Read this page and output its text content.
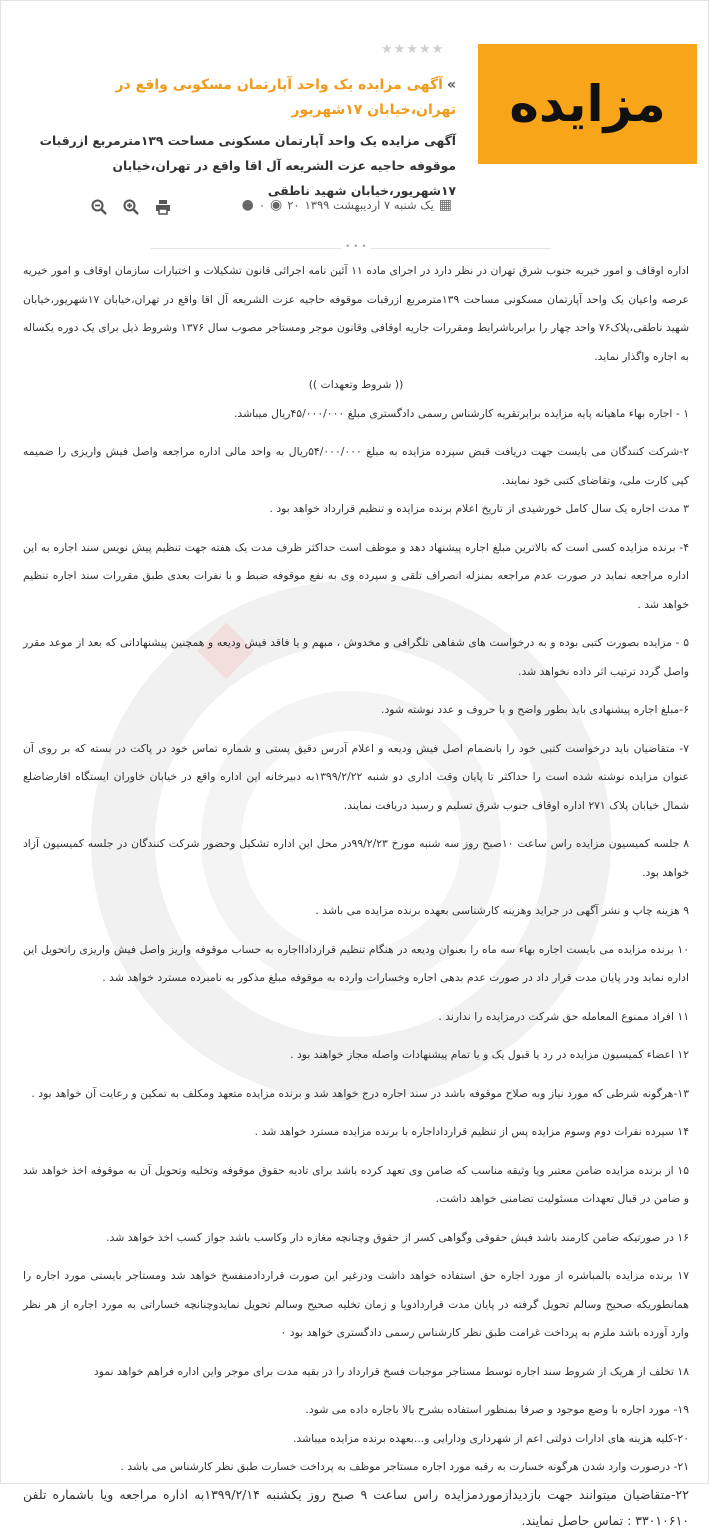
مزایده
★★★★★
»آگهی مزایده یک واحد آپارتمان مسکونی واقع در تهران،خیابان ۱۷شهریور
آگهی مزایده یک واحد آپارتمان مسکونی مساحت ۱۳۹مترمربع ازرقبات موقوفه حاجیه عزت الشریعه آل اقا واقع در تهران،خیابان ۱۷شهریور،خیابان شهید ناطقی
▦
یک شنبه ۷ اردیبهشت ۱۳۹۹
۲۰
◉
۰
●
• • •

اداره اوقاف و امور خیریه جنوب شرق تهران در نظر دارد در اجرای ماده ۱۱ آئین نامه اجرائی قانون تشکیلات و اختیارات سازمان اوقاف و امور خیریه عرصه واعیان یک واحد آپارتمان مسکونی مساحت ۱۳۹مترمربع ازرقبات موقوفه حاجیه عزت الشریعه آل اقا واقع در تهران،خیابان ۱۷شهریور،خیابان شهید ناطقی،پلاک۷۶ واحد چهار را برابرباشرایط ومقررات جاریه اوقافی وقانون موجر ومستاجر مصوب سال ۱۳۷۶ وشروط ذیل برای یک دوره یکساله به اجاره واگذار نماید.

(( شروط وتعهدات ))

۱ - اجاره بهاء ماهیانه پایه مزایده برابرتقریه کارشناس رسمی دادگستری مبلغ ۴۵/۰۰۰/۰۰۰ریال میباشد.

۲-شرکت کنندگان می بایست جهت دریافت قبض سپرده مزایده به مبلغ ۵۴/۰۰۰/۰۰۰ریال به واحد مالی اداره مراجعه واصل فیش واریزی را ضمیمه کپی کارت ملی، وتقاضای کتبی خود نمایند.

۳ مدت اجاره یک سال کامل خورشیدی از تاریخ اعلام برنده مزایده و تنظیم قرارداد خواهد بود .

۴- برنده مزایده کسی است که بالاترین مبلغ اجاره پیشنهاد دهد و موظف است حداکثر ظرف مدت یک هفته جهت تنظیم پیش نویس سند اجاره به این اداره مراجعه نماید در صورت عدم مراجعه بمنزله انصراف تلقی و سپرده وی به نفع موقوفه ضبط و با نفرات بعدی طبق مقررات سند اجاره تنظیم خواهد شد .

۵ - مزایده بصورت کتبی بوده و به درخواست های شفاهی تلگرافی و مخدوش ، مبهم و یا فاقد فیش ودیعه و همچنین پیشنهاداتی که بعد از موعد مقرر واصل گردد ترتیب اثر داده نخواهد شد.

۶-مبلغ اجاره پیشنهادی باید بطور واضح و با حروف و عدد نوشته شود.

۷- متقاضیان باید درخواست کتبی خود را بانضمام اصل فیش ودیعه و اعلام آدرس دقیق پستی و شماره تماس خود در پاکت در بسته که بر روی آن عنوان مزایده نوشته شده است را حداکثر تا پایان وقت اداری دو شنبه ۱۳۹۹/۲/۲۲به دبیرخانه این اداره واقع در خیابان خاوران ایستگاه اقارضاضلع شمال خیابان پلاک ۲۷۱ اداره اوقاف جنوب شرق تسلیم و رسید دریافت نمایند.

۸ جلسه کمیسیون مزایده راس ساعت ۱۰صبح روز سه شنبه مورخ ۹۹/۲/۲۳در محل این اداره تشکیل وحضور شرکت کنندگان در جلسه کمیسیون آزاد خواهد بود.

۹ هزینه چاپ و نشر آگهی در جراید وهزینه کارشناسی بعهده برنده مزایده می باشد .

۱۰ برنده مزایده می بایست اجاره بهاء سه ماه را بعنوان ودیعه در هنگام تنظیم قراردادااجاره به حساب موقوفه واریز واصل فیش واریزی راتحویل این اداره نماید ودر پایان مدت قرار داد در صورت عدم بدهی اجاره وخسارات وارده به موقوفه مبلغ مذکور به نامبرده مسترد خواهد شد .

۱۱ افراد ممنوع المعامله حق شرکت درمزایده را ندارند .

۱۲ اعضاء کمیسیون مزایده در رد یا قبول یک و یا تمام پیشنهادات واصله مجاز خواهند بود .

۱۳-هرگونه شرطی که مورد نیاز وبه صلاح موقوفه باشد در سند اجاره درج خواهد شد و برنده مزایده متعهد ومکلف به تمکین و رعایت آن خواهد بود .

۱۴ سپرده نفرات دوم وسوم مزایده پس از تنظیم قرارداداجاره با برنده مزایده مسترد خواهد شد .

۱۵ از برنده مزایده ضامن معتبر ویا وثیقه مناسب که ضامن وی تعهد کرده باشد برای تادیه حقوق موقوفه وتخلیه وتحویل آن به موقوفه اخذ خواهد شد و ضامن در قبال تعهدات مسئولیت تضامنی خواهد داشت.

۱۶ در صورتیکه ضامن کارمند باشد فیش حقوقی وگواهی کسر از حقوق وچنانچه مغازه دار وکاسب باشد جواز کسب اخذ خواهد شد.

۱۷ برنده مزایده بالمباشره از مورد اجاره حق استفاده خواهد داشت ودرغیر این صورت قراردادمنفسخ خواهد شد ومستاجر بایستی مورد اجاره را همانطوریکه صحیح وسالم تحویل گرفته در پایان مدت قراردادویا و زمان تخلیه صحیح وسالم تحویل نمایدوچنانچه خساراتی به مورد اجاره از هر نظر وارد آورده باشد ملزم به پرداخت غرامت طبق نظر کارشناس رسمی دادگستری خواهد بود ۰

۱۸ تخلف از هریک از شروط سند اجاره توسط مستاجر موجبات فسخ قرارداد را در بقیه مدت برای موجر واین اداره فراهم خواهد نمود

۱۹- مورد اجاره با وضع موجود و صرفا بمنظور استفاده بشرح بالا باجاره داده می شود.

۲۰-کلیه هزینه های ادارات دولتی اعم از شهرداری ودارایی و...بعهده برنده مزایده میباشد.

۲۱- درصورت وارد شدن هرگونه خسارت به رقبه مورد اجاره مستاجر موظف به پرداخت خسارت طبق نظر کارشناس می باشد .

۲۲-متقاضیان میتوانند جهت بازدیدازموردمزایده راس ساعت ۹ صبح روز یکشنبه ۱۳۹۹/۲/۱۴به اداره مراجعه ویا باشماره تلفن ۳۳۰۱۰۶۱۰ : تماس حاصل نمایند.
